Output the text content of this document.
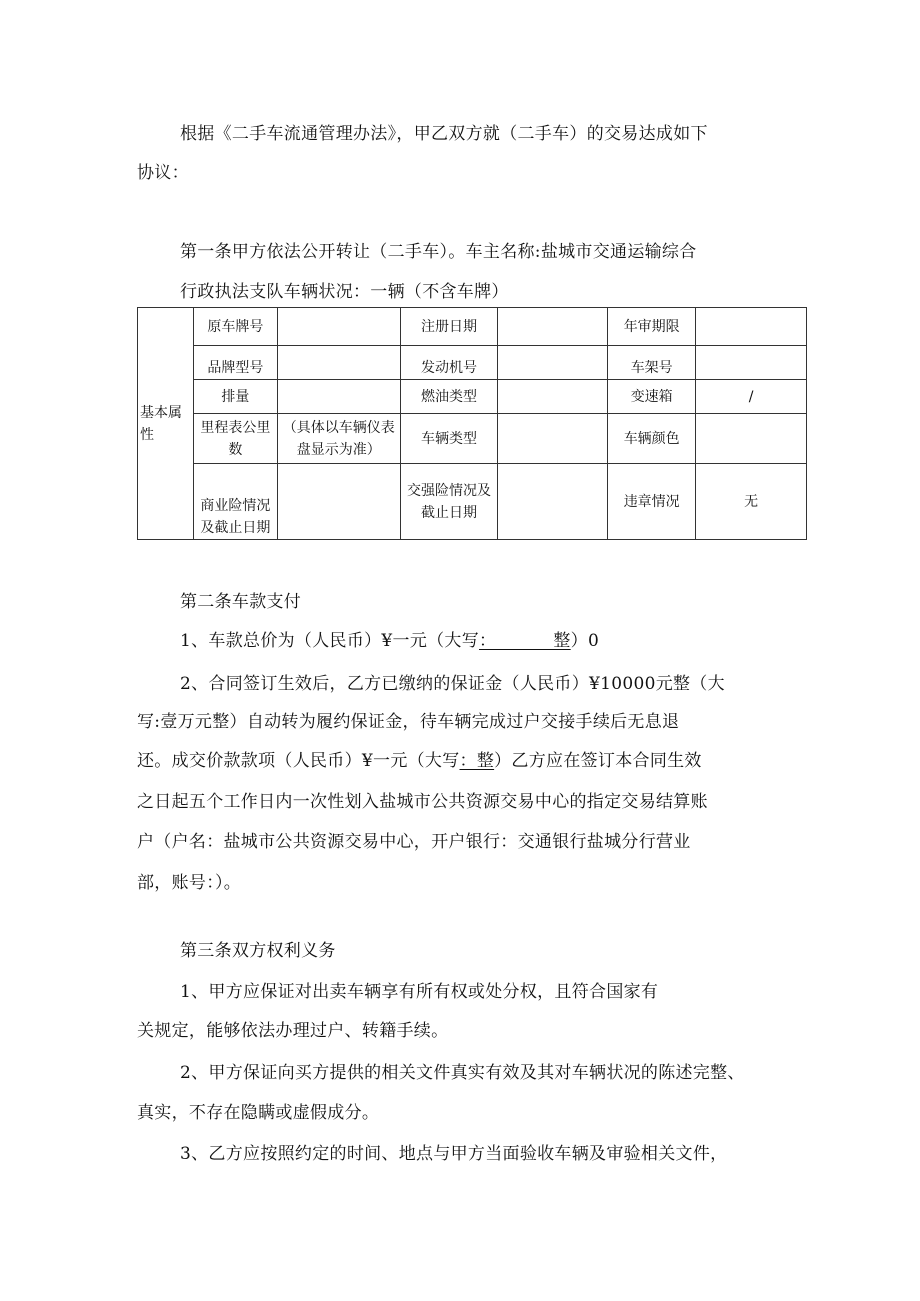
根据《二手车流通管理办法》，甲乙双方就（二手车）的交易达成如下
协议：
第一条甲方依法公开转让（二手车）。车主名称:盐城市交通运输综合
行政执法支队车辆状况：一辆（不含车牌）
基本属性	原车牌号		注册日期		年审期限	
	品牌型号		发动机号		车架号	
	排量		燃油类型		变速箱	/
	里程表公里数	（具体以车辆仪表盘显示为准）	车辆类型		车辆颜色	
	商业险情况及截止日期		交强险情况及截止日期		违章情况	无
第二条车款支付
1、车款总价为（人民币）¥一元（大写：          整）0
2、合同签订生效后，乙方已缴纳的保证金（人民币）¥10000元整（大
写:壹万元整）自动转为履约保证金，待车辆完成过户交接手续后无息退
还。成交价款款项（人民币）¥一元（大写：整）乙方应在签订本合同生效
之日起五个工作日内一次性划入盐城市公共资源交易中心的指定交易结算账
户（户名：盐城市公共资源交易中心，开户银行：交通银行盐城分行营业
部，账号：）。
第三条双方权利义务
1、甲方应保证对出卖车辆享有所有权或处分权，且符合国家有
关规定，能够依法办理过户、转籍手续。
2、甲方保证向买方提供的相关文件真实有效及其对车辆状况的陈述完整、
真实，不存在隐瞒或虚假成分。
3、乙方应按照约定的时间、地点与甲方当面验收车辆及审验相关文件，
